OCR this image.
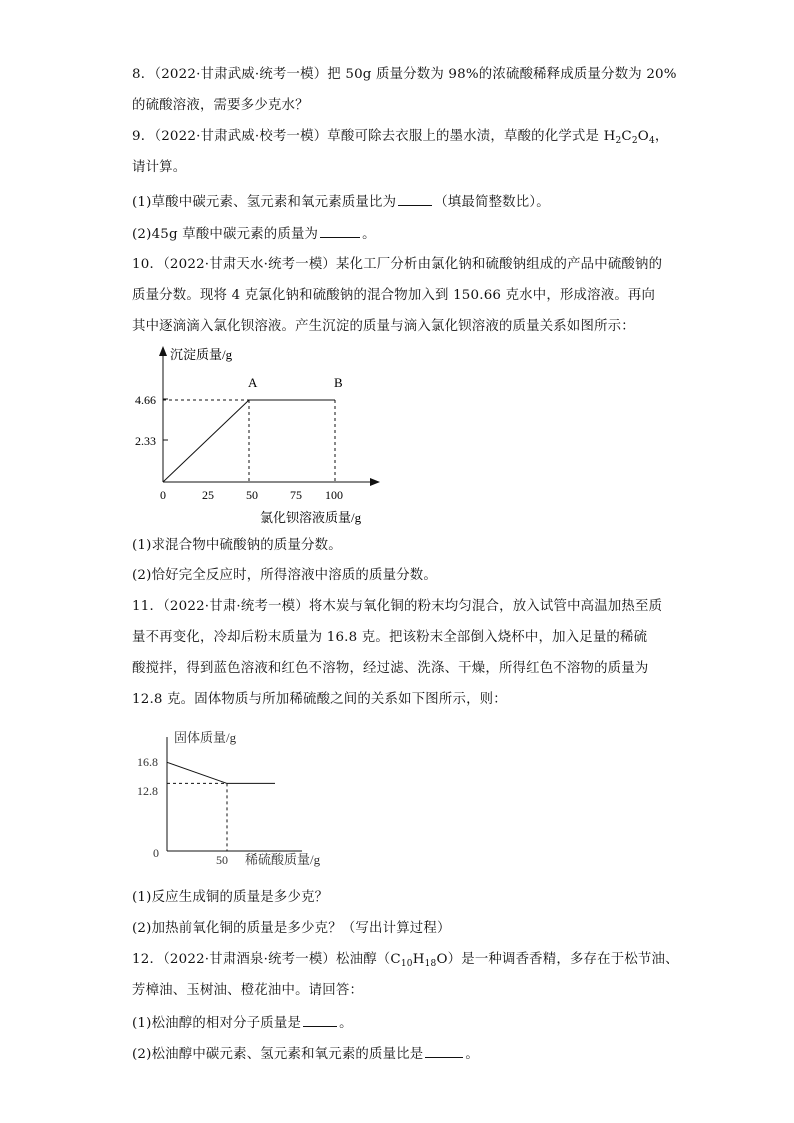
8．（2022·甘肃武威·统考一模）把 50g 质量分数为 98%的浓硫酸稀释成质量分数为 20%
的硫酸溶液，需要多少克水？
9．（2022·甘肃武威·校考一模）草酸可除去衣服上的墨水渍，草酸的化学式是 $H_2C_2O_4$，
请计算。
(1)草酸中碳元素、氢元素和氧元素质量比为	（填最简整数比）。
(2)45g 草酸中碳元素的质量为	。
10．（2022·甘肃天水·统考一模）某化工厂分析由氯化钠和硫酸钠组成的产品中硫酸钠的
质量分数。现将 4 克氯化钠和硫酸钠的混合物加入到 150.66 克水中，形成溶液。再向
其中逐滴滴入氯化钡溶液。产生沉淀的质量与滴入氯化钡溶液的质量关系如图所示：
沉淀质量/g
A	B
4.66
2.33
0	25	50	75 100
氯化钡溶液质量/g
(1)求混合物中硫酸钠的质量分数。
(2)恰好完全反应时，所得溶液中溶质的质量分数。
11．（2022·甘肃·统考一模）将木炭与氧化铜的粉末均匀混合，放入试管中高温加热至质
量不再变化，冷却后粉末质量为 16.8 克。把该粉末全部倒入烧杯中，加入足量的稀硫
酸搅拌，得到蓝色溶液和红色不溶物，经过滤、洗涤、干燥，所得红色不溶物的质量为
12.8 克。固体物质与所加稀硫酸之间的关系如下图所示，则：
固体质量/g
16.8
12.8
0	50 稀硫酸质量/g
(1)反应生成铜的质量是多少克？
(2)加热前氧化铜的质量是多少克？（写出计算过程）
12．（2022·甘肃酒泉·统考一模）松油醇$(C_{10}H_{18}O)$是一种调香香精，多存在于松节油、
芳樟油、玉树油、橙花油中。请回答：
(1)松油醇的相对分子质量是	。
(2)松油醇中碳元素、氢元素和氧元素的质量比是	。
